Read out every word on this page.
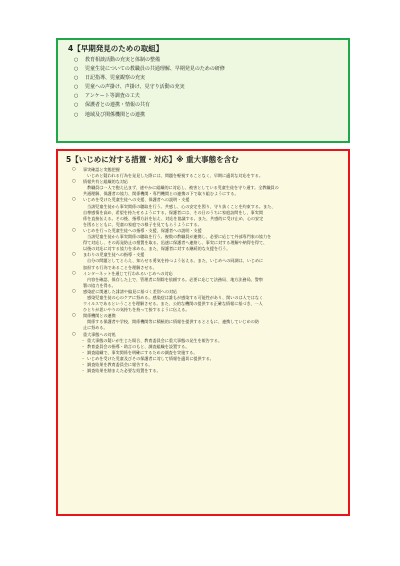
4【早期発見のための取組】
○	教育相談活動の充実と体制の整備
○	児童生徒についての教職員の共通理解、早期発見のための研修
○	日記指導、児童観察の充実
○	児童への声掛け、声掛け、見守り活動の充実
○	アンケート等調査の工夫
○	保護者との連携・情報の共有
○	地域及び関係機関との連携
5【いじめに対する措置・対応】※ 重大事態を含む
○	事実確認と実態把握

いじめと疑われる行為を発見した際には、問題を軽視することなく、早期に適切な対応をする。

○	情報共有と組織的な対応

教職員は一人で抱え込まず、速やかに組織的に対応し、被害としている児童生徒を守り通す。全教職員の

共通理解、保護者の協力、関係機関・専門機関との連携の下で取り組むようにする。

○	いじめを受けた児童生徒への支援、保護者への説明・支援

当該児童生徒から事実関係の聴取を行う。共感し、心の安定を図り、守り抜くことを約束する。また、

自尊感情を高め、希望を持たせるようにする。保護者には、その日のうちに家庭訪問をし、事実関

係を直接伝える。その後、指導方針を伝え、対応を協議する。また、共感的に受け止め、心の安定

を図るとともに、児童の家庭での様子を見てもらうようにする。

○	いじめを行った児童生徒への指導・支援、保護者への説明・支援

当該児童生徒から事実関係の聴取を行う。複数の教職員が連携し、必要に応じて外部専門家の協力を

得て対応し、その再発防止の措置を取る。迅速に保護者へ連絡し、事実に対する理解や納得を得て、

以後の対応に対する協力を求める。また、保護者に対する継続的な支援を行う。

○	まわりの児童生徒への指導・支援

自分の問題としてとらえ、知らせる勇気を持つよう伝える。また、いじめへの同調は、いじめに

加担する行為であることを理解させる。

○	インターネットを通じて行われるいじめへの対応

内容を確認、保存した上で、管理者に削除を依頼する。必要に応じて法務局、地方法務局、警察

署の協力を得る。

○	感染症に関連した誹謗や偏見に基づく差別への対応

感染児童生徒の心のケアに努める。感染症は誰もが感染する可能性があり、関いのは人ではなく

ウイルスであるということを理解させる。また、公的な機関の提供する正確な情報に基づき、一人

ひとりが思いやりの気持ちを持って接するように伝える。

○	関係機関との連携

関係する保護者や学校、関係機関等に積極的に情報を提供するとともに、連携していじめの防

止に努める。

○	重大事態への対処
・ 重大事態の疑いが生じた場合、教育委員会に重大事態の発生を報告する。
・ 教育委員会の指導・助言のもと、調査組織を設置する。
・ 調査組織で、事実関係を明確にするための調査を実施する。
・ いじめを受けた児童及びその保護者に対して情報を適切に提供する。
・ 調査結果を教育委員会に報告する。
・ 調査結果を踏まえた必要な処置をする。
